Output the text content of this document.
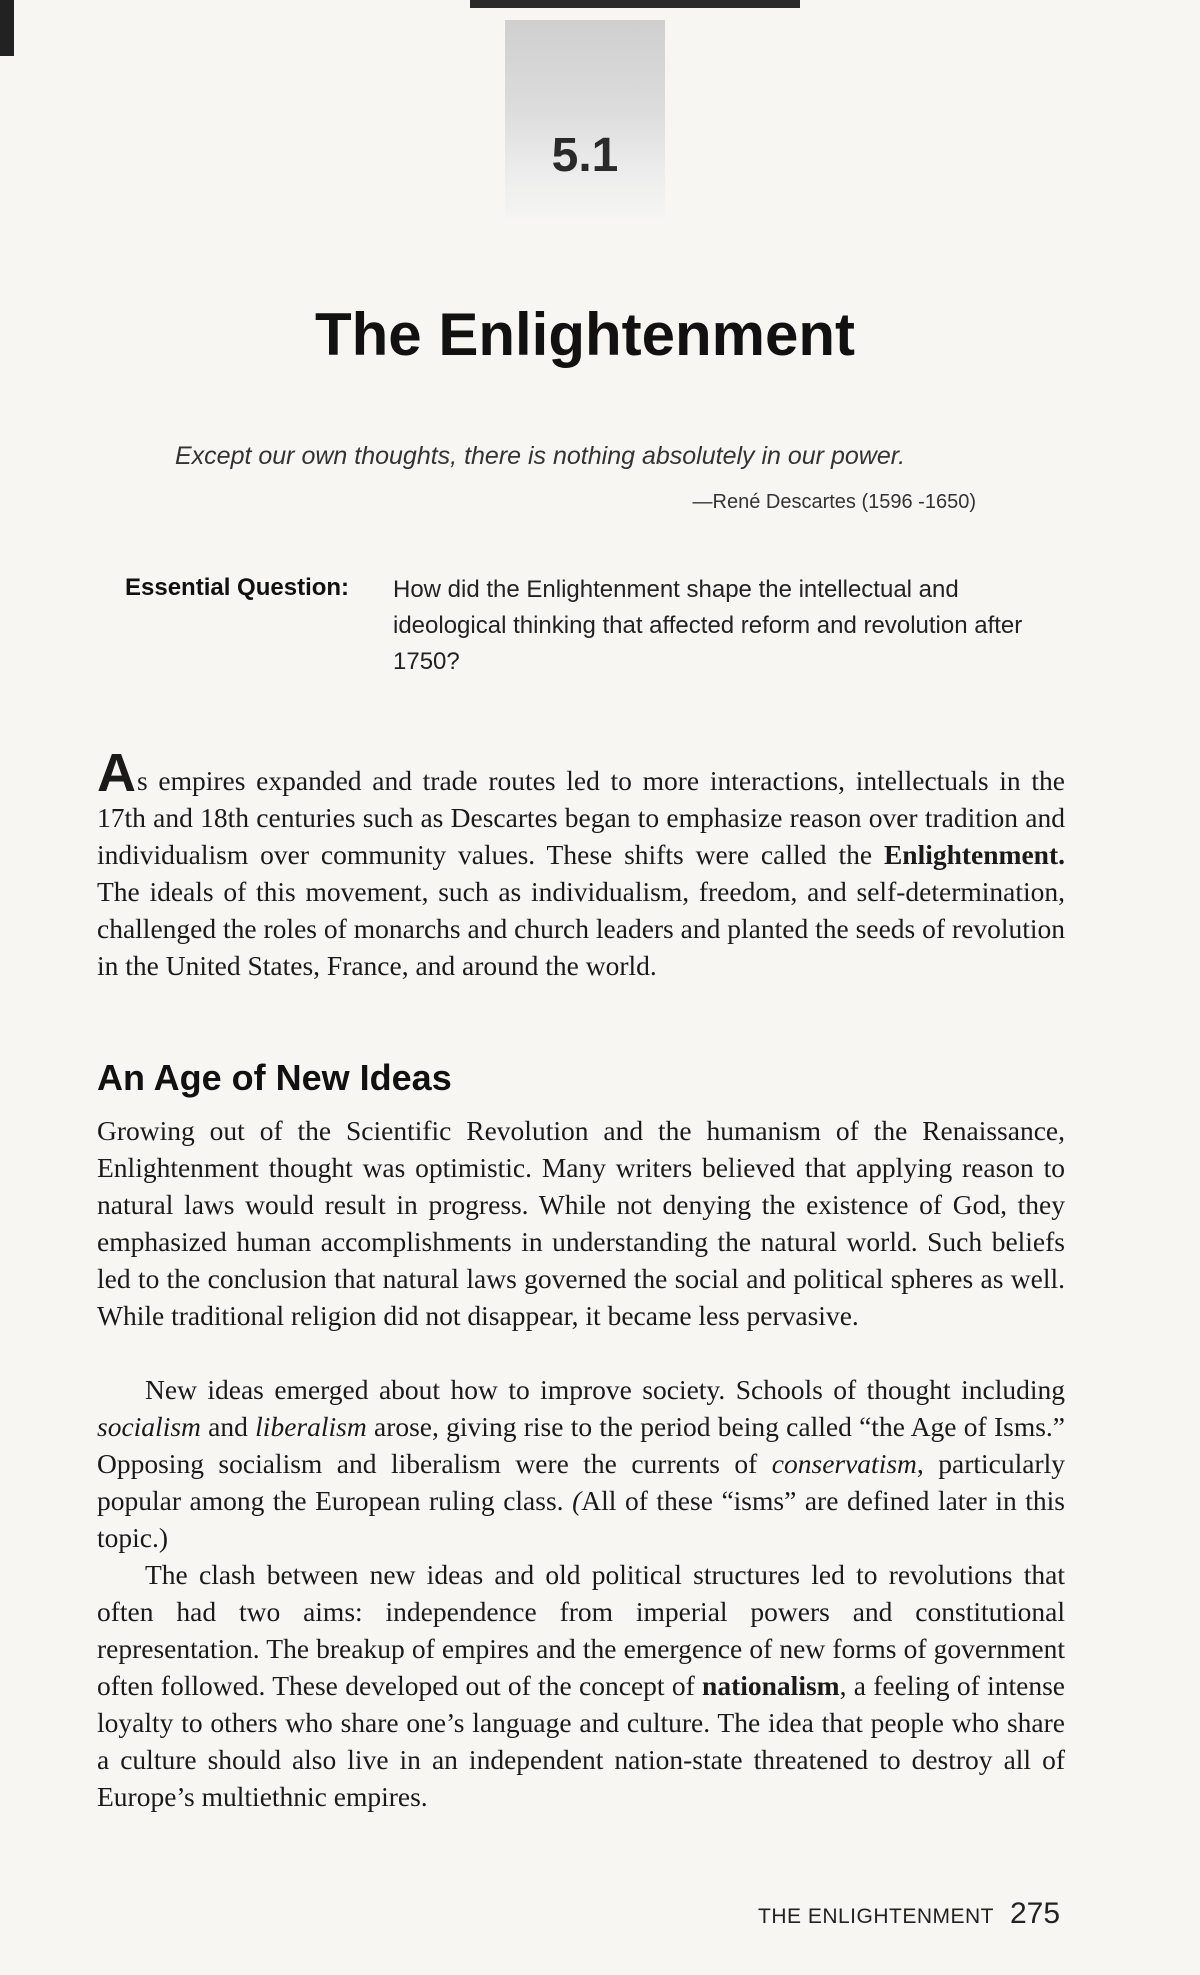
5.1
The Enlightenment
Except our own thoughts, there is nothing absolutely in our power.
—René Descartes (1596 -1650)
Essential Question: How did the Enlightenment shape the intellectual and ideological thinking that affected reform and revolution after 1750?

As empires expanded and trade routes led to more interactions, intellectuals in the 17th and 18th centuries such as Descartes began to emphasize reason over tradition and individualism over community values. These shifts were called the Enlightenment. The ideals of this movement, such as individualism, freedom, and self-determination, challenged the roles of monarchs and church leaders and planted the seeds of revolution in the United States, France, and around the world.

An Age of New Ideas

Growing out of the Scientific Revolution and the humanism of the Renaissance, Enlightenment thought was optimistic. Many writers believed that applying reason to natural laws would result in progress. While not denying the existence of God, they emphasized human accomplishments in understanding the natural world. Such beliefs led to the conclusion that natural laws governed the social and political spheres as well. While traditional religion did not disappear, it became less pervasive.

New ideas emerged about how to improve society. Schools of thought including socialism and liberalism arose, giving rise to the period being called “the Age of Isms.” Opposing socialism and liberalism were the currents of conservatism, particularly popular among the European ruling class. (All of these “isms” are defined later in this topic.)

The clash between new ideas and old political structures led to revolutions that often had two aims: independence from imperial powers and constitutional representation. The breakup of empires and the emergence of new forms of government often followed. These developed out of the concept of nationalism, a feeling of intense loyalty to others who share one’s language and culture. The idea that people who share a culture should also live in an independent nation-state threatened to destroy all of Europe’s multiethnic empires.

THE ENLIGHTENMENT 275
